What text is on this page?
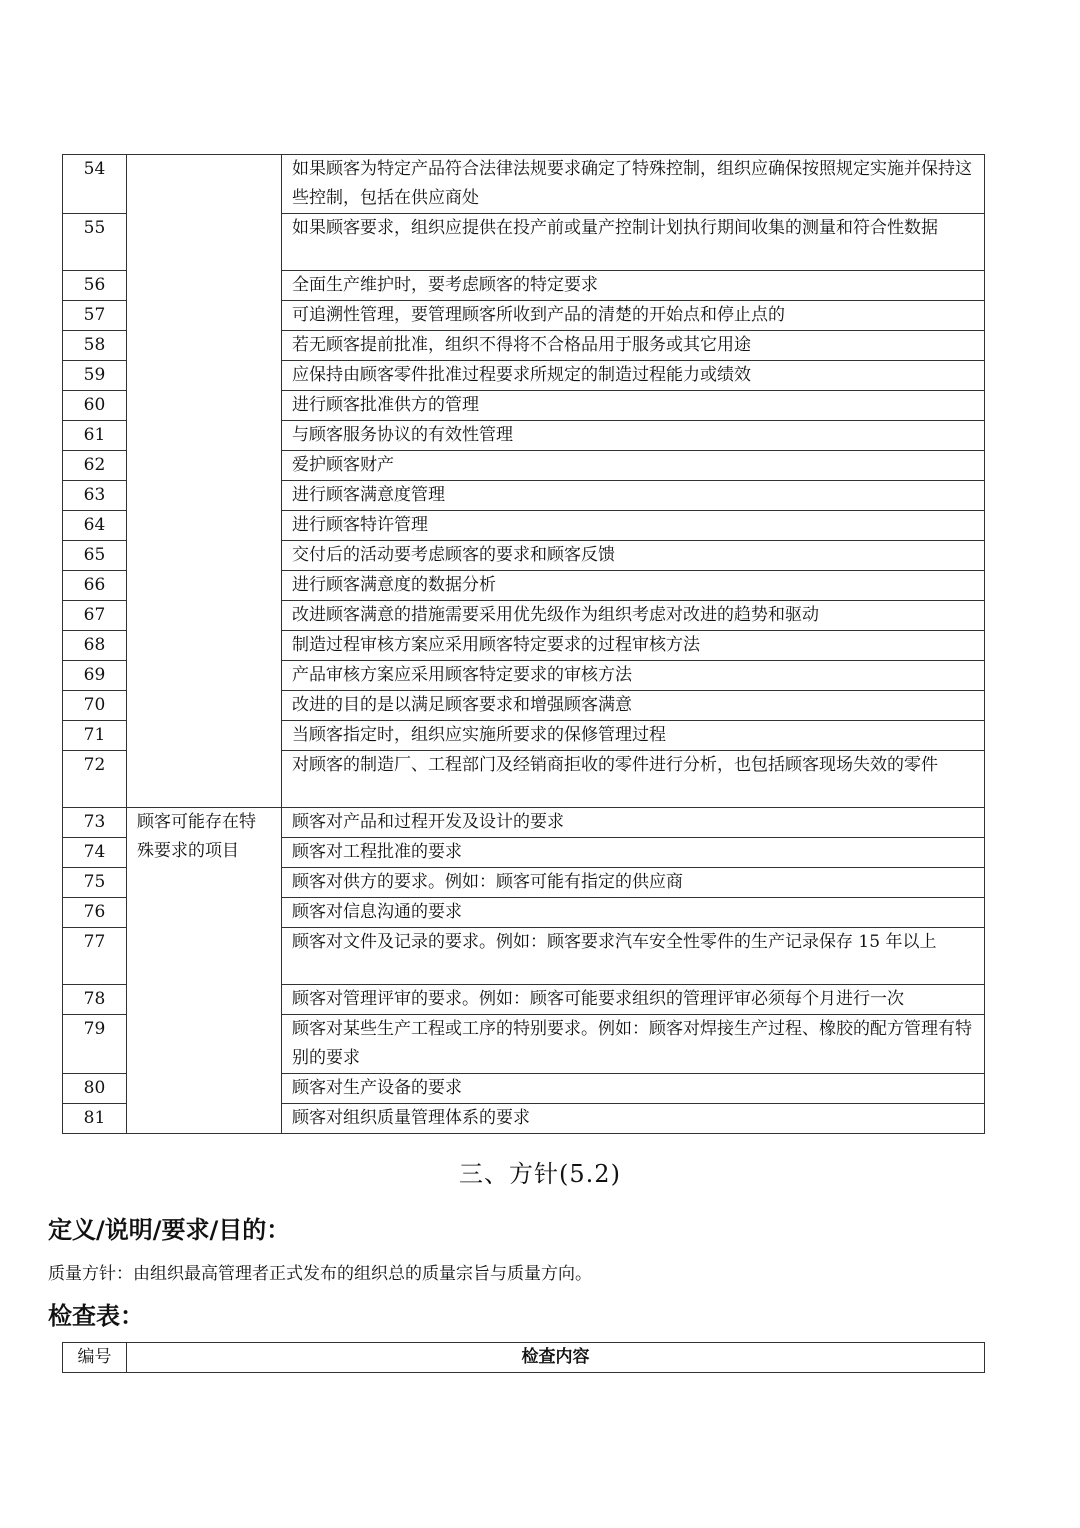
54		如果顾客为特定产品符合法律法规要求确定了特殊控制，组织应确保按照规定实施并保持这些控制，包括在供应商处
55		如果顾客要求，组织应提供在投产前或量产控制计划执行期间收集的测量和符合性数据
56		全面生产维护时，要考虑顾客的特定要求
57		可追溯性管理，要管理顾客所收到产品的清楚的开始点和停止点的
58		若无顾客提前批准，组织不得将不合格品用于服务或其它用途
59		应保持由顾客零件批准过程要求所规定的制造过程能力或绩效
60		进行顾客批准供方的管理
61		与顾客服务协议的有效性管理
62		爱护顾客财产
63		进行顾客满意度管理
64		进行顾客特许管理
65		交付后的活动要考虑顾客的要求和顾客反馈
66		进行顾客满意度的数据分析
67		改进顾客满意的措施需要采用优先级作为组织考虑对改进的趋势和驱动
68		制造过程审核方案应采用顾客特定要求的过程审核方法
69		产品审核方案应采用顾客特定要求的审核方法
70		改进的目的是以满足顾客要求和增强顾客满意
71		当顾客指定时，组织应实施所要求的保修管理过程
72		对顾客的制造厂、工程部门及经销商拒收的零件进行分析，也包括顾客现场失效的零件
73	顾客可能存在特殊要求的项目	顾客对产品和过程开发及设计的要求
74		顾客对工程批准的要求
75		顾客对供方的要求。例如：顾客可能有指定的供应商
76		顾客对信息沟通的要求
77		顾客对文件及记录的要求。例如：顾客要求汽车安全性零件的生产记录保存 15 年以上
78		顾客对管理评审的要求。例如：顾客可能要求组织的管理评审必须每个月进行一次
79		顾客对某些生产工程或工序的特别要求。例如：顾客对焊接生产过程、橡胶的配方管理有特别的要求
80		顾客对生产设备的要求
81		顾客对组织质量管理体系的要求
三、方针(5.2)
定义/说明/要求/目的：
质量方针：由组织最高管理者正式发布的组织总的质量宗旨与质量方向。
检查表：
编号	检查内容
